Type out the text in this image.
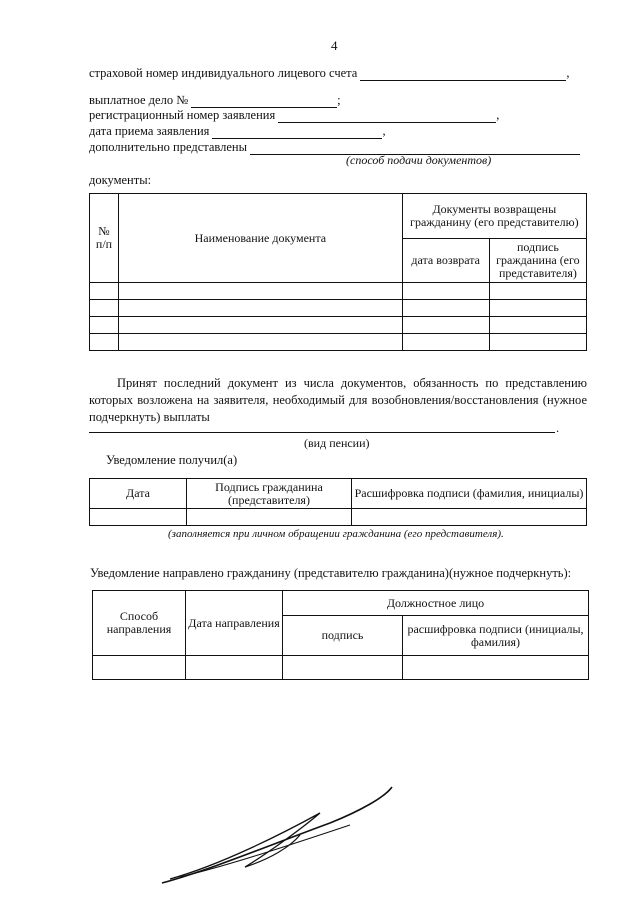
4
страховой номер индивидуального лицевого счета	,
выплатное дело №	;
регистрационный номер заявления	,
дата приема заявления	,
дополнительно представлены
(способ подачи документов)
документы:
№ п/п	Наименование документа	Документы возвращены гражданину (его представителю)	
		дата возврата	подпись гражданина (его представителя)

Принят последний документ из числа документов, обязанность по представлению которых возложена на заявителя, необходимый для возобновления/восстановления (нужное подчеркнуть) выплаты
.
(вид пенсии)
Уведомление получил(а)
Дата	Подпись гражданина (представителя)	Расшифровка подписи (фамилия, инициалы)

(заполняется при личном обращении гражданина (его представителя).
Уведомление направлено гражданину (представителю гражданина)(нужное подчеркнуть):
Способ направления	Дата направления	Должностное лицо	
		подпись	расшифровка подписи (инициалы, фамилия)
